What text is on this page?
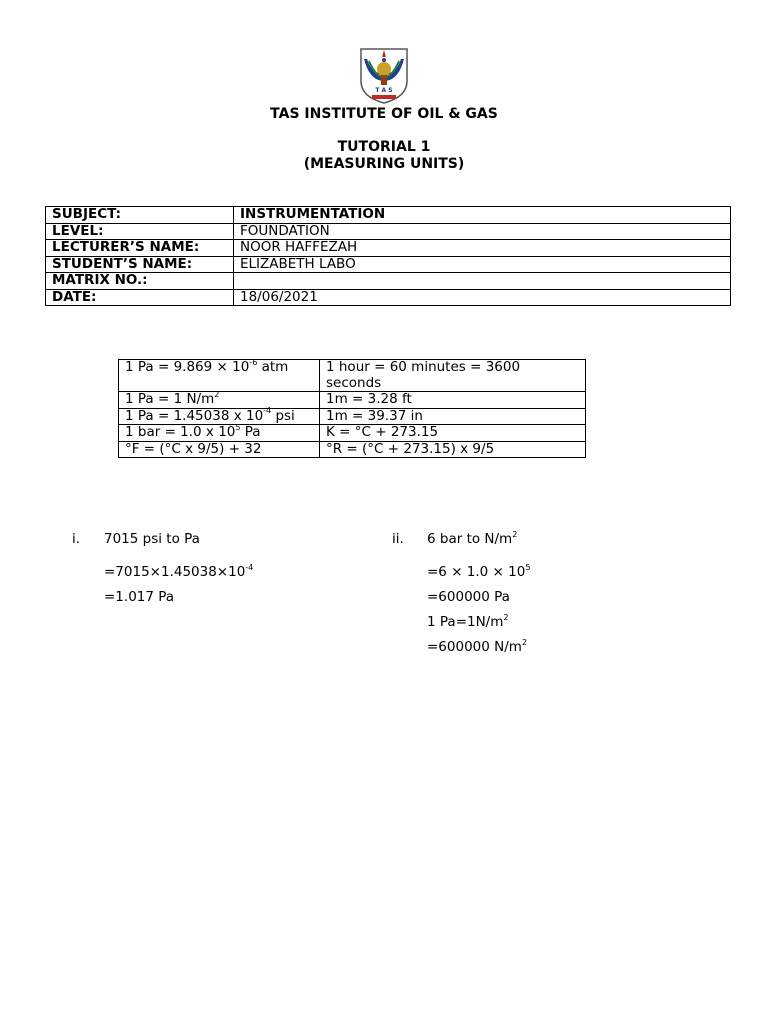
T A S
TAS INSTITUTE OF OIL & GAS
TUTORIAL 1
(MEASURING UNITS)
SUBJECT:	INSTRUMENTATION
LEVEL:	FOUNDATION
LECTURER’S NAME:	NOOR HAFFEZAH
STUDENT’S NAME:	ELIZABETH LABO
MATRIX NO.:	
DATE:	18/06/2021
1 $Pa = 9.869 \times 10^{-6}$ atm	1 hour = 60 minutes = 3600 seconds
1 Pa = 1 $N/m^2$	1m = 3.28 ft
1 Pa = 1.45038 x $10^{-4}$ psi	1m = 39.37 in
1 bar = 1.0 x $10^5$ Pa	K = °C + 273.15
°F = (°C x 9/5) + 32	°R = (°C + 273.15) x 9/5
i. 7015 psi to Pa
$=7015\times 1.45038\times 10^{-4}$
=1.017 Pa
ii. 6 bar to $N/m^2$
$=6 \times 1.0 \times 10^5$
=600000 Pa
1 $Pa=1N/m^2$
=600000 $N/m^2$
